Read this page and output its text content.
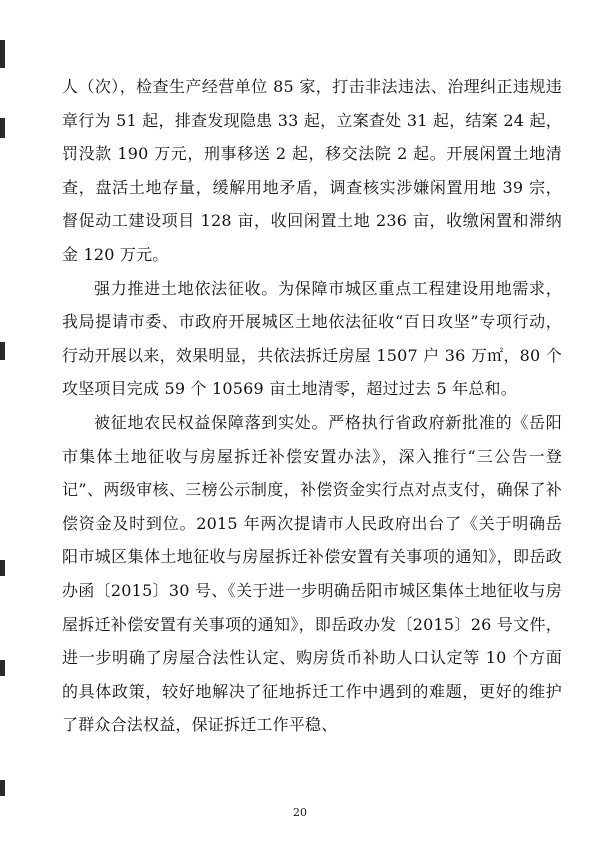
人（次），检查生产经营单位 85 家，打击非法违法、治理纠正违规违章行为 51 起，排查发现隐患 33 起，立案查处 31 起，结案 24 起，罚没款 190 万元，刑事移送 2 起，移交法院 2 起。开展闲置土地清查，盘活土地存量，缓解用地矛盾，调查核实涉嫌闲置用地 39 宗，督促动工建设项目 128 亩，收回闲置土地 236 亩，收缴闲置和滞纳金 120 万元。

强力推进土地依法征收。为保障市城区重点工程建设用地需求，我局提请市委、市政府开展城区土地依法征收“百日攻坚”专项行动，行动开展以来，效果明显，共依法拆迁房屋 1507 户 36 万㎡，80 个攻坚项目完成 59 个 10569 亩土地清零，超过过去 5 年总和。

被征地农民权益保障落到实处。严格执行省政府新批准的《岳阳市集体土地征收与房屋拆迁补偿安置办法》，深入推行“三公告一登记”、两级审核、三榜公示制度，补偿资金实行点对点支付，确保了补偿资金及时到位。2015 年两次提请市人民政府出台了《关于明确岳阳市城区集体土地征收与房屋拆迁补偿安置有关事项的通知》，即岳政办函〔2015〕30 号、《关于进一步明确岳阳市城区集体土地征收与房屋拆迁补偿安置有关事项的通知》，即岳政办发〔2015〕26 号文件，进一步明确了房屋合法性认定、购房货币补助人口认定等 10 个方面的具体政策，较好地解决了征地拆迁工作中遇到的难题，更好的维护了群众合法权益，保证拆迁工作平稳、

20
